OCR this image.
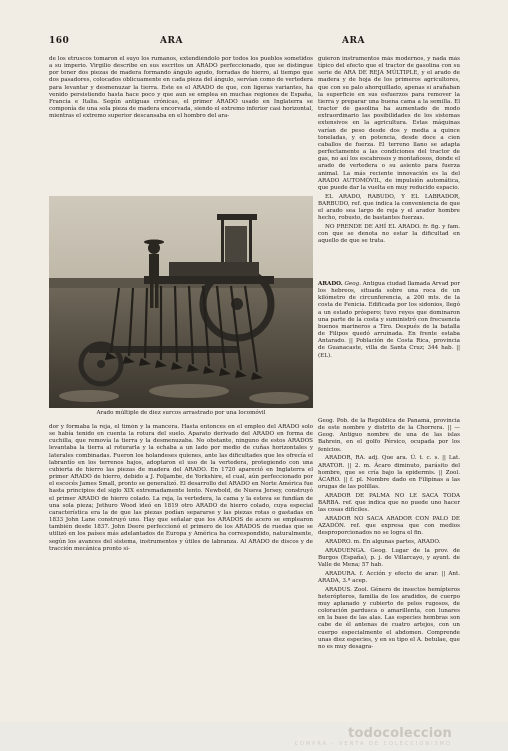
160	ARA	ARA

de los etruscos tomaron el suyo los rumanos, extendiéndolo por todos los pueblos sometidos a su imperio. Virgilio describe en sus escritos un ARADO perfeccionado, que se distingue por tener dos piezas de madera formando ángulo agudo, forradas de hierro, al tiempo que dos pasadores, colocados oblicuamente en cada pieza del ángulo, servían como de vertedera para levantar y desmenuzar la tierra. Este es el ARADO de que, con ligeras variantes, ha venido persistiendo hasta hace poco y que aun se emplea en muchas regiones de España, Francia e Italia. Según antiguas crónicas, el primer ARADO usado en Inglaterra se componía de una sola pieza de madera encorvada, siendo el extremo inferior casi horizontal, mientras el extremo superior descansaba en el hombro del ara-

guieron instrumentos más modernos, y nada más típico del efecto que el tractor de gasolina con su serie de ARA DE REJA MÚLTIPLE, y el arado de madera y de hoja de los primeros agricultores, que con su palo ahorquillado, apenas si arañaban la superficie en sus esfuerzos para remover la tierra y preparar una buena cama a la semilla. El tractor de gasolina ha aumentado de modo extraordinario las posibilidades de los sistemas extensivos en la agricultura. Estas máquinas varían de peso desde dos y media a quince toneladas, y en potencia, desde doce a cien caballos de fuerza. El terreno llano se adapta perfectamente a las condiciones del tractor de gas, no así los escabrosos y montañosos, donde el arado de vertedera o su asiento para fuerza animal. La más reciente innovación es la del ARADO AUTOMÓVIL, de impulsión automática, que puede dar la vuelta en muy reducido espacio.

EL ARADO, RABUDO, Y EL LABRADOR, BARBUDO, ref. que indica la conveniencia de que el arado sea largo de reja y el arador hombre hecho, robusto, de bastantes fuerzas.

NO PRENDE DE AHÍ EL ARADO. fr. fig. y fam. con que se denota no estar la dificultad en aquello de que se trata.

ARADO. Geog. Antigua ciudad llamada Arvad por los hebreos, situada sobre una roca de un kilómetro de circunferencia, a 200 mts. de la costa de Fenicia. Edificada por los sidonios, llegó a un estado próspero; tuvo reyes que dominaron una parte de la costa y suministró con frecuencia buenos marineros a Tiro. Después de la batalla de Filipos quedó arruinada. En frente estaba Antarado. || Población de Costa Rica, provincia de Guanacaste, villa de Santa Cruz; 344 hab. || (EL).

Arado múltiple de diez surcos arrastrado por una locomóvil

dor y formaba la reja, el timón y la mancera. Hasta entonces en el empleo del ARADO solo se había tenido en cuenta la rotura del suelo. Aparato derivado del ARADO en forma de cuchilla, que removía la tierra y la desmenuzaba. No obstante, ninguno de estos ARADOS levantaba la tierra al roturarla y la echaba a un lado por medio de cuñas horizontales y laterales combinadas. Fueron los holandeses quienes, ante las dificultades que les ofrecía el labrantío en los terrenos bajos, adoptaron el uso de la vertedera, protegiendo con una cubierta de hierro las piezas de madera del ARADO. En 1720 apareció en Inglaterra el primer ARADO de hierro, debido a J. Foljambe, de Yorkshire, el cual, aún perfeccionado por el escocés James Small, pronto se generalizó. El desarrollo del ARADO en Norte América fue hasta principios del siglo XIX extremadamente lento. Newbold, de Nueva Jersey, construyó el primer ARADO de hierro colado. La reja, la vertedera, la cama y la esteva se fundían de una sola pieza; Jethuro Wood ideó en 1819 otro ARADO de hierro colado, cuya especial característica era la de que las piezas podían separarse y las piezas rotas o gastadas en 1833 John Lane construyó uno. Hay que señalar que los ARADOS de acero se emplearon también desde 1837. John Deere perfeccionó el primero de los ARADOS de ruedas que se utilizó en los países más adelantados de Europa y América ha correspondido, naturalmente, según los avances del sistema, instrumentos y útiles de labranza. Al ARADO de discos y de tracción mecánica pronto si-

Geog. Pob. de la República de Panamá, provincia de este nombre y distrito de la Chorrera. || — Geog. Antiguo nombre de una de las islas Bahrein, en el golfo Pérsico, ocupada por los fenicios.

ARADOR, RA. adj. Que ara. Ú. t. c. s. || Lat. ARATOR. || 2. m. Ácaro diminuto, parásito del hombre, que se cría bajo la epidermis. || Zool. ÁCARO. || f. pl. Nombre dado en Filipinas a las orugas de las polillas.

ARADOR DE PALMA NO LE SACA TODA BARBA. ref. que indica que no puede uno hacer las cosas difíciles.

ARADOR NO SACA ARADOR CON PALO DE AZADÓN. ref. que expresa que con medios desproporcionados no se logra el fin.

ARADRO. m. En algunas partes, ARADO.

ARADUENGA. Geog. Lugar de la prov. de Burgos (España), p. j. de Villarcayo, y ayunt. de Valle de Mena; 57 hab.

ARADURA. f. Acción y efecto de arar. || Ant. ARADA, 3.ª acep.

ARADUS. Zool. Género de insectos hemípteros heterópteros, familia de los aradidos, de cuerpo muy aplanado y cubierto de pelos rugosos, de coloración pardusca o amarillenta, con lunares en la base de las alas. Las especies hembras son cabe de él antenas de cuatro artejos, con un cuerpo especialmente el abdomen. Comprende unas diez especies, y en su tipo el A. betulae, que no es muy desagra-

todocoleccion
COMPRA - VENTA DE COLECCIONISMO
